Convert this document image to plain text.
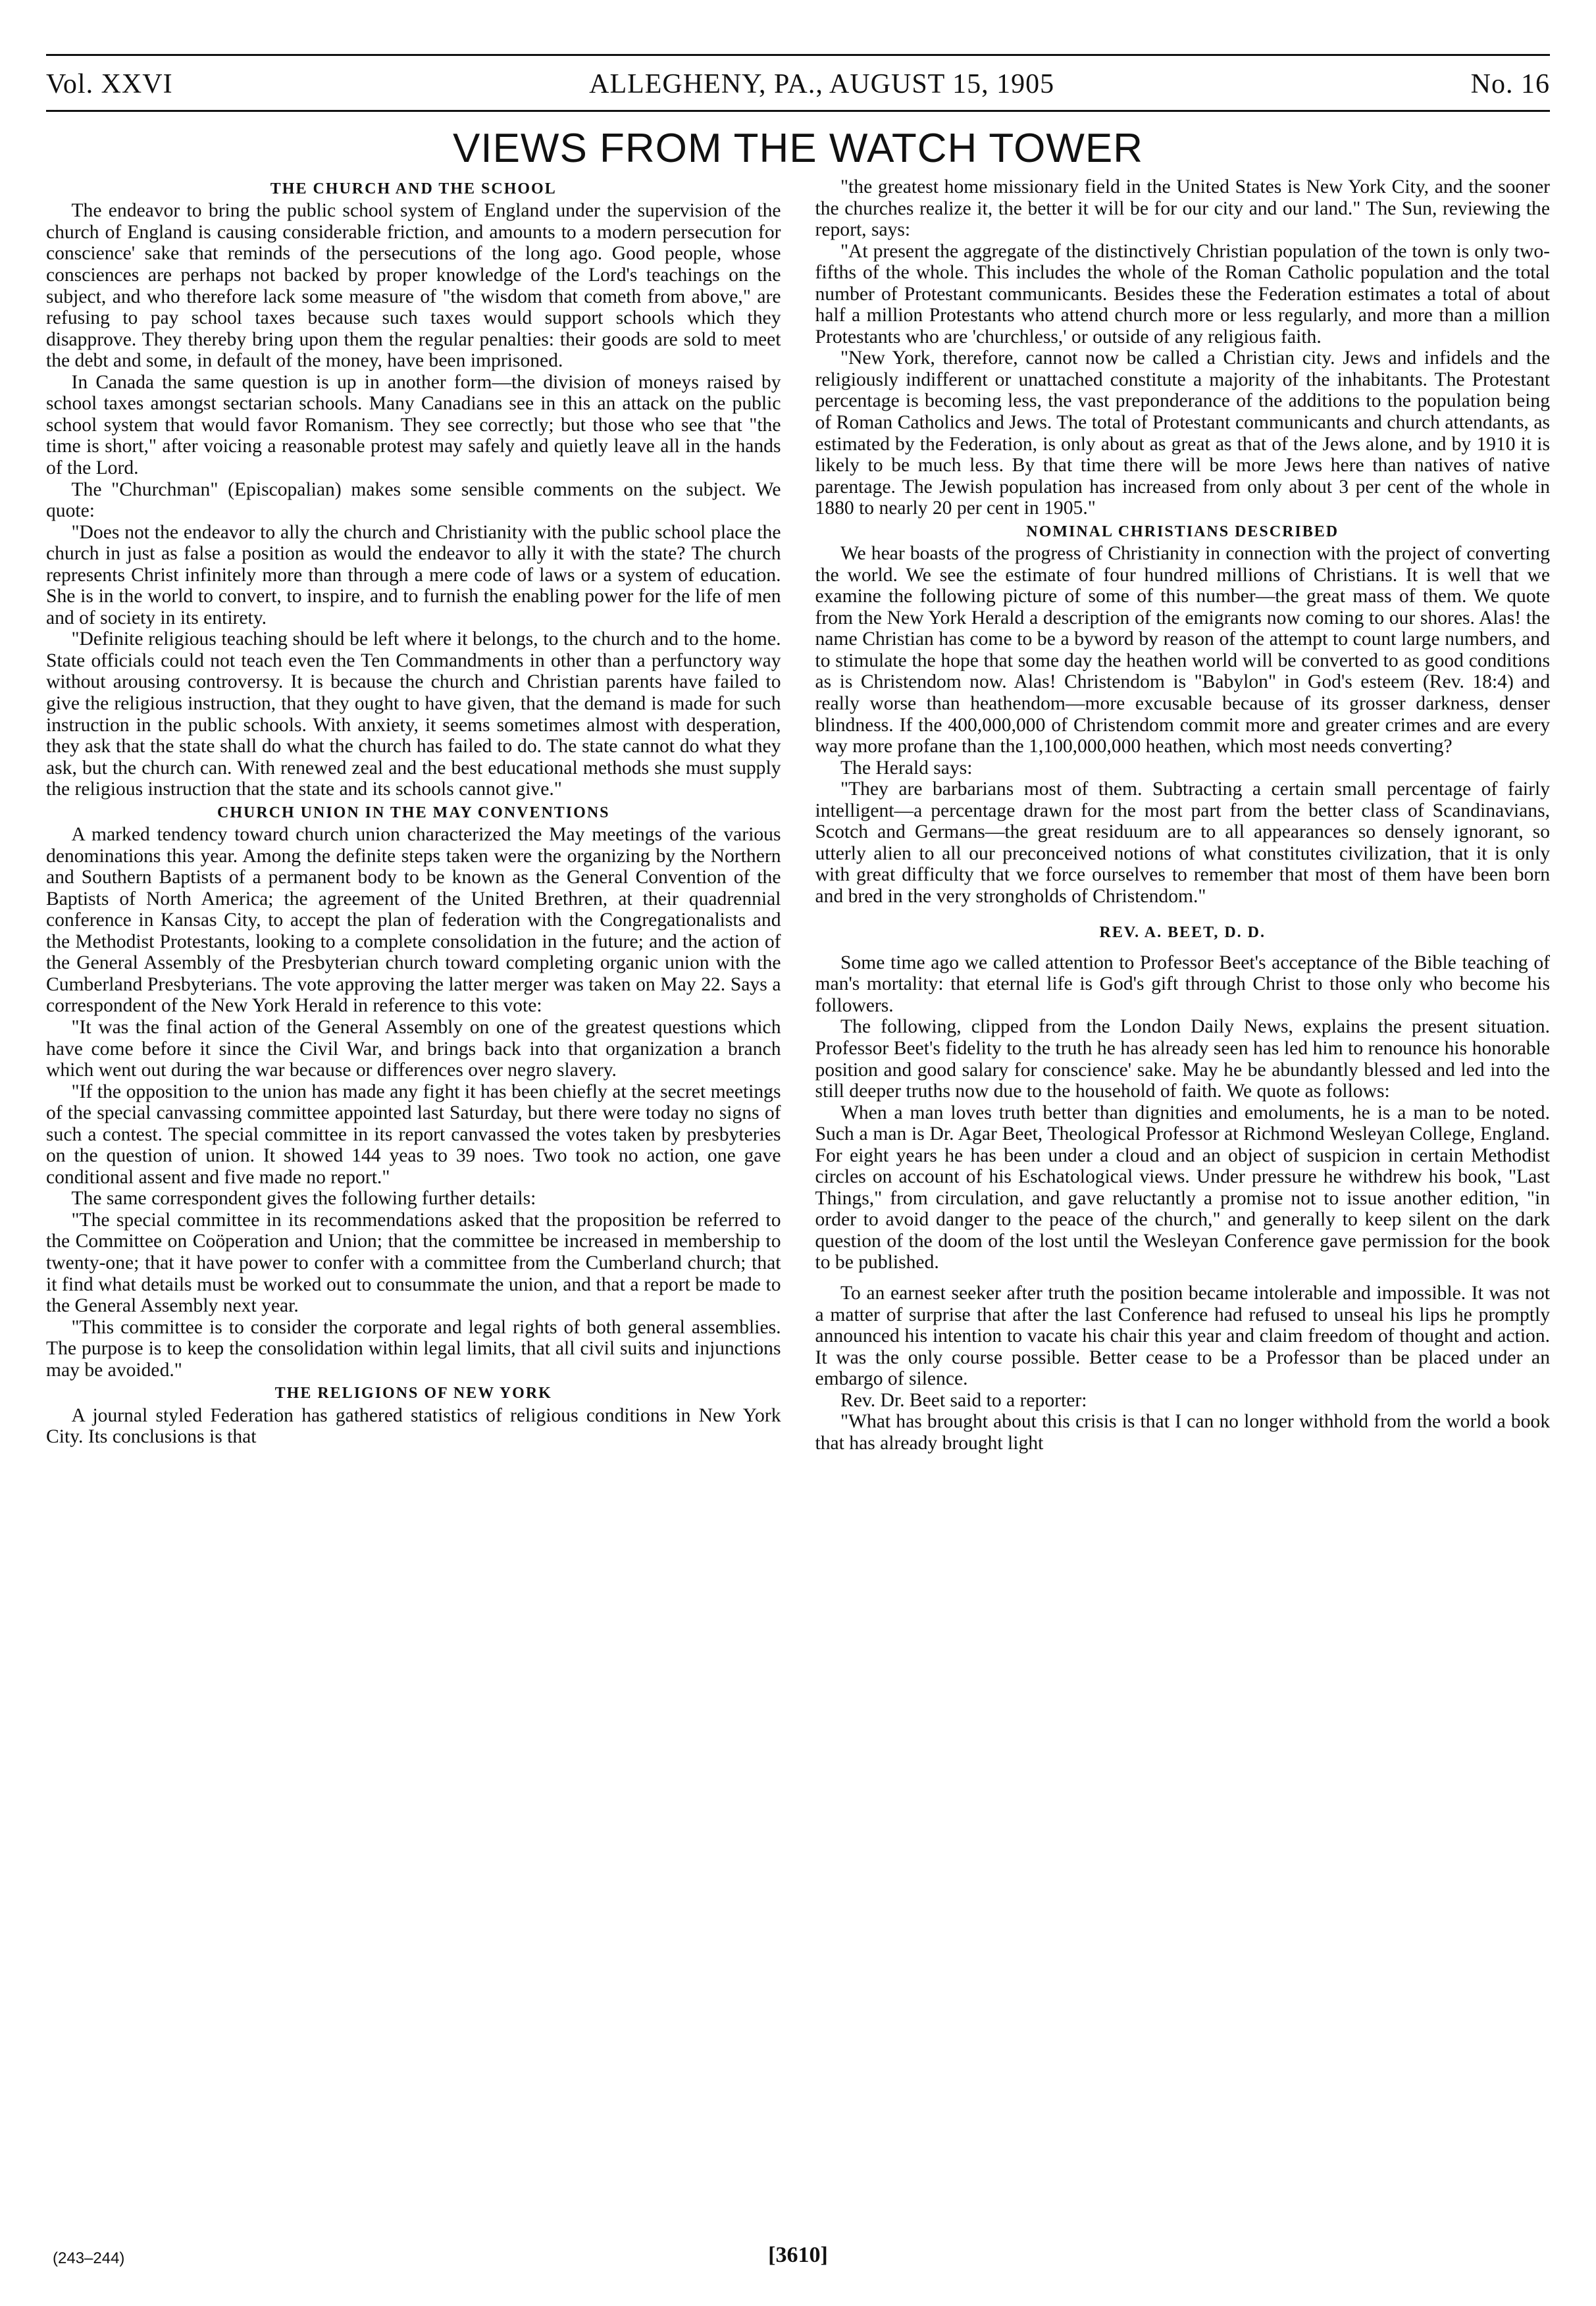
Vol. XXVI	ALLEGHENY, PA., AUGUST 15, 1905	No. 16
VIEWS FROM THE WATCH TOWER
THE CHURCH AND THE SCHOOL

The endeavor to bring the public school system of England under the supervision of the church of England is causing considerable friction, and amounts to a modern persecution for conscience' sake that reminds of the persecutions of the long ago. Good people, whose consciences are perhaps not backed by proper knowledge of the Lord's teachings on the subject, and who therefore lack some measure of "the wisdom that cometh from above," are refusing to pay school taxes because such taxes would support schools which they disapprove. They thereby bring upon them the regular penalties: their goods are sold to meet the debt and some, in default of the money, have been imprisoned.

In Canada the same question is up in another form—the division of moneys raised by school taxes amongst sectarian schools. Many Canadians see in this an attack on the public school system that would favor Romanism. They see correctly; but those who see that "the time is short," after voicing a reasonable protest may safely and quietly leave all in the hands of the Lord.

The "Churchman" (Episcopalian) makes some sensible comments on the subject. We quote:

"Does not the endeavor to ally the church and Christianity with the public school place the church in just as false a position as would the endeavor to ally it with the state? The church represents Christ infinitely more than through a mere code of laws or a system of education. She is in the world to convert, to inspire, and to furnish the enabling power for the life of men and of society in its entirety.

"Definite religious teaching should be left where it belongs, to the church and to the home. State officials could not teach even the Ten Commandments in other than a perfunctory way without arousing controversy. It is because the church and Christian parents have failed to give the religious instruction, that they ought to have given, that the demand is made for such instruction in the public schools. With anxiety, it seems sometimes almost with desperation, they ask that the state shall do what the church has failed to do. The state cannot do what they ask, but the church can. With renewed zeal and the best educational methods she must supply the religious instruction that the state and its schools cannot give."

CHURCH UNION IN THE MAY CONVENTIONS

A marked tendency toward church union characterized the May meetings of the various denominations this year. Among the definite steps taken were the organizing by the Northern and Southern Baptists of a permanent body to be known as the General Convention of the Baptists of North America; the agreement of the United Brethren, at their quadrennial conference in Kansas City, to accept the plan of federation with the Congregationalists and the Methodist Protestants, looking to a complete consolidation in the future; and the action of the General Assembly of the Presbyterian church toward completing organic union with the Cumberland Presbyterians. The vote approving the latter merger was taken on May 22. Says a correspondent of the New York Herald in reference to this vote:

"It was the final action of the General Assembly on one of the greatest questions which have come before it since the Civil War, and brings back into that organization a branch which went out during the war because or differences over negro slavery.

"If the opposition to the union has made any fight it has been chiefly at the secret meetings of the special canvassing committee appointed last Saturday, but there were today no signs of such a contest. The special committee in its report canvassed the votes taken by presbyteries on the question of union. It showed 144 yeas to 39 noes. Two took no action, one gave conditional assent and five made no report."

The same correspondent gives the following further details:

"The special committee in its recommendations asked that the proposition be referred to the Committee on Coöperation and Union; that the committee be increased in membership to twenty-one; that it have power to confer with a committee from the Cumberland church; that it find what details must be worked out to consummate the union, and that a report be made to the General Assembly next year.

"This committee is to consider the corporate and legal rights of both general assemblies. The purpose is to keep the consolidation within legal limits, that all civil suits and injunctions may be avoided."

THE RELIGIONS OF NEW YORK

A journal styled Federation has gathered statistics of religious conditions in New York City. Its conclusions is that

"the greatest home missionary field in the United States is New York City, and the sooner the churches realize it, the better it will be for our city and our land." The Sun, reviewing the report, says:

"At present the aggregate of the distinctively Christian population of the town is only two-fifths of the whole. This includes the whole of the Roman Catholic population and the total number of Protestant communicants. Besides these the Federation estimates a total of about half a million Protestants who attend church more or less regularly, and more than a million Protestants who are 'churchless,' or outside of any religious faith.

"New York, therefore, cannot now be called a Christian city. Jews and infidels and the religiously indifferent or unattached constitute a majority of the inhabitants. The Protestant percentage is becoming less, the vast preponderance of the additions to the population being of Roman Catholics and Jews. The total of Protestant communicants and church attendants, as estimated by the Federation, is only about as great as that of the Jews alone, and by 1910 it is likely to be much less. By that time there will be more Jews here than natives of native parentage. The Jewish population has increased from only about 3 per cent of the whole in 1880 to nearly 20 per cent in 1905."

NOMINAL CHRISTIANS DESCRIBED

We hear boasts of the progress of Christianity in connection with the project of converting the world. We see the estimate of four hundred millions of Christians. It is well that we examine the following picture of some of this number—the great mass of them. We quote from the New York Herald a description of the emigrants now coming to our shores. Alas! the name Christian has come to be a byword by reason of the attempt to count large numbers, and to stimulate the hope that some day the heathen world will be converted to as good conditions as is Christendom now. Alas! Christendom is "Babylon" in God's esteem (Rev. 18:4) and really worse than heathendom—more excusable because of its grosser darkness, denser blindness. If the 400,000,000 of Christendom commit more and greater crimes and are every way more profane than the 1,100,000,000 heathen, which most needs converting?

The Herald says:

"They are barbarians most of them. Subtracting a certain small percentage of fairly intelligent—a percentage drawn for the most part from the better class of Scandinavians, Scotch and Germans—the great residuum are to all appearances so densely ignorant, so utterly alien to all our preconceived notions of what constitutes civilization, that it is only with great difficulty that we force ourselves to remember that most of them have been born and bred in the very strongholds of Christendom."

REV. A. BEET, D. D.

Some time ago we called attention to Professor Beet's acceptance of the Bible teaching of man's mortality: that eternal life is God's gift through Christ to those only who become his followers.

The following, clipped from the London Daily News, explains the present situation. Professor Beet's fidelity to the truth he has already seen has led him to renounce his honorable position and good salary for conscience' sake. May he be abundantly blessed and led into the still deeper truths now due to the household of faith. We quote as follows:

When a man loves truth better than dignities and emoluments, he is a man to be noted. Such a man is Dr. Agar Beet, Theological Professor at Richmond Wesleyan College, England. For eight years he has been under a cloud and an object of suspicion in certain Methodist circles on account of his Eschatological views. Under pressure he withdrew his book, "Last Things," from circulation, and gave reluctantly a promise not to issue another edition, "in order to avoid danger to the peace of the church," and generally to keep silent on the dark question of the doom of the lost until the Wesleyan Conference gave permission for the book to be published.

To an earnest seeker after truth the position became intolerable and impossible. It was not a matter of surprise that after the last Conference had refused to unseal his lips he promptly announced his intention to vacate his chair this year and claim freedom of thought and action. It was the only course possible. Better cease to be a Professor than be placed under an embargo of silence.

Rev. Dr. Beet said to a reporter:

"What has brought about this crisis is that I can no longer withhold from the world a book that has already brought light

(243–244)	[3610]
